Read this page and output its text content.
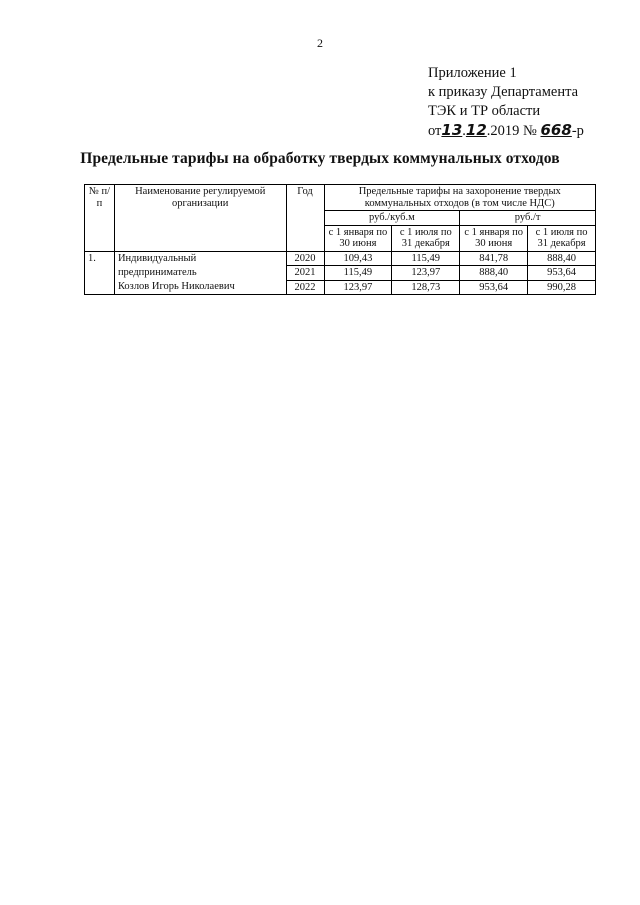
2
Приложение 1
к приказу Департамента
ТЭК и ТР области
от13.12.2019 № 668-р
Предельные тарифы на обработку твердых коммунальных отходов
№ п/п	Наименование регулируемой организации	Год	Предельные тарифы на захоронение твердых коммунальных отходов (в том числе НДС)			
			руб./куб.м		руб./т	
			с 1 января по 30 июня	с 1 июля по 31 декабря	с 1 января по 30 июня	с 1 июля по 31 декабря
1.	Индивидуальный	2020	109,43	115,49	841,78	888,40
	предприниматель	2021	115,49	123,97	888,40	953,64
	Козлов Игорь Николаевич	2022	123,97	128,73	953,64	990,28
